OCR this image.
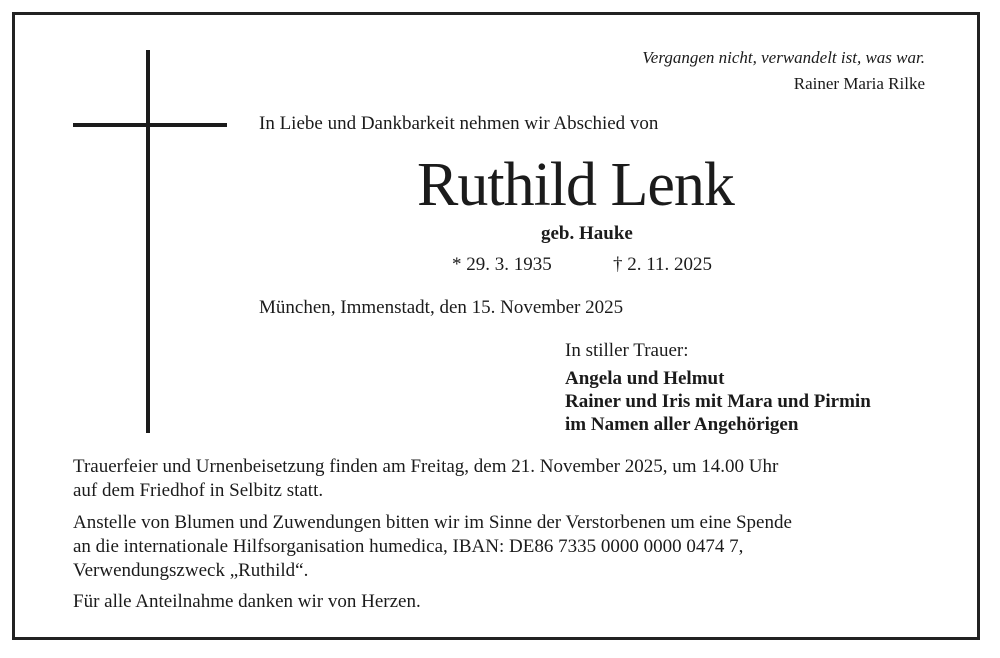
Vergangen nicht, verwandelt ist, was war.
Rainer Maria Rilke
In Liebe und Dankbarkeit nehmen wir Abschied von
Ruthild Lenk
geb. Hauke
* 29. 3. 1935	† 2. 11. 2025
München, Immenstadt, den 15. November 2025
In stiller Trauer:
Angela und Helmut
Rainer und Iris mit Mara und Pirmin
im Namen aller Angehörigen
Trauerfeier und Urnenbeisetzung finden am Freitag, dem 21. November 2025, um 14.00 Uhr
auf dem Friedhof in Selbitz statt.
Anstelle von Blumen und Zuwendungen bitten wir im Sinne der Verstorbenen um eine Spende
an die internationale Hilfsorganisation humedica, IBAN: DE86 7335 0000 0000 0474 7,
Verwendungszweck „Ruthild“.
Für alle Anteilnahme danken wir von Herzen.
